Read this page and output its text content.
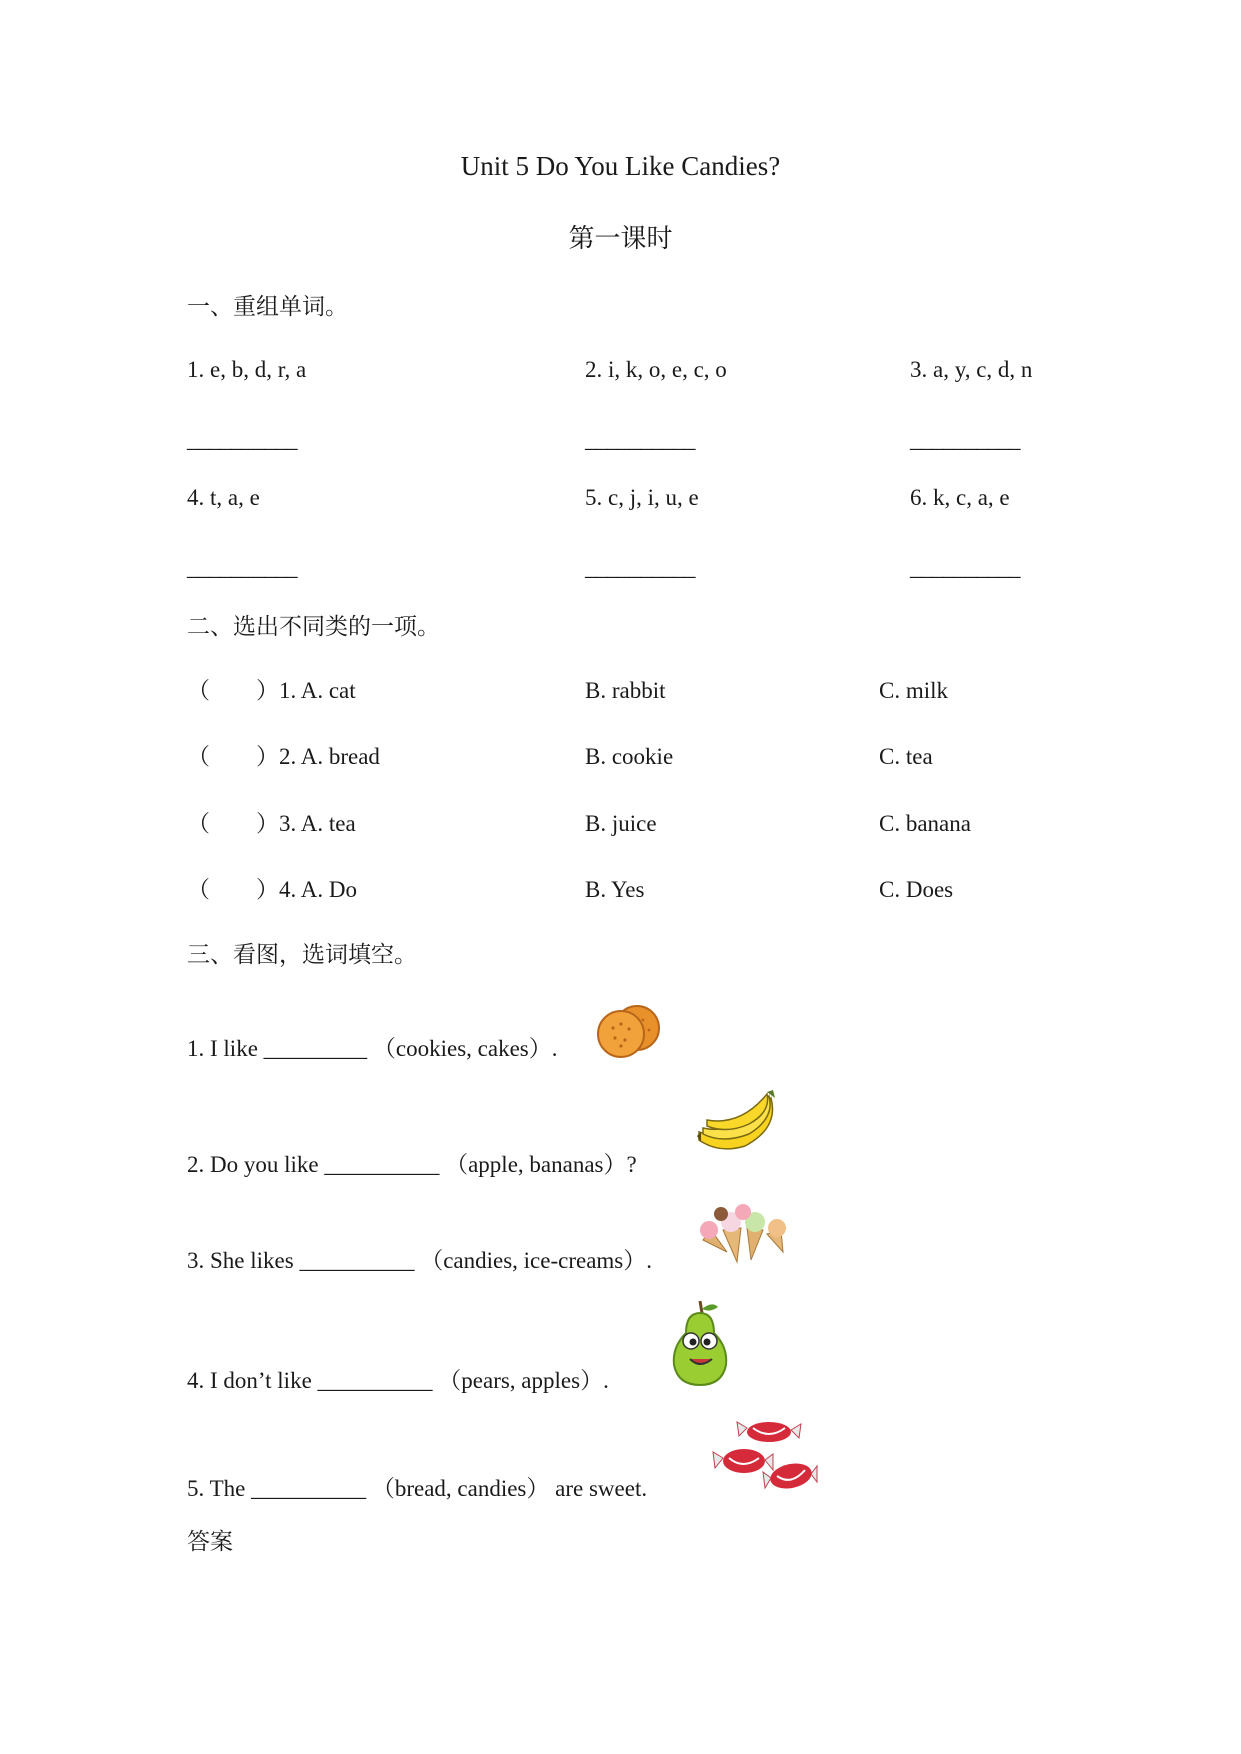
Unit 5 Do You Like Candies?
第一课时
一、重组单词。
1. e, b, d, r, a	2. i, k, o, e, c, o	3. a, y, c, d, n
__________	__________	__________
4. t, a, e	5. c, j, i, u, e	6. k, c, a, e
__________	__________	__________
二、选出不同类的一项。
（ ）1. A. cat	B. rabbit	C. milk
（ ）2. A. bread	B. cookie	C. tea
（ ）3. A. tea	B. juice	C. banana
（ ）4. A. Do	B. Yes	C. Does
三、看图，选词填空。
1. I like _________ （cookies, cakes）.
2. Do you like __________ （apple, bananas）?
3. She likes __________ （candies, ice-creams）.
4. I don’t like __________ （pears, apples）.
5. The __________ （bread, candies） are sweet.
答案
